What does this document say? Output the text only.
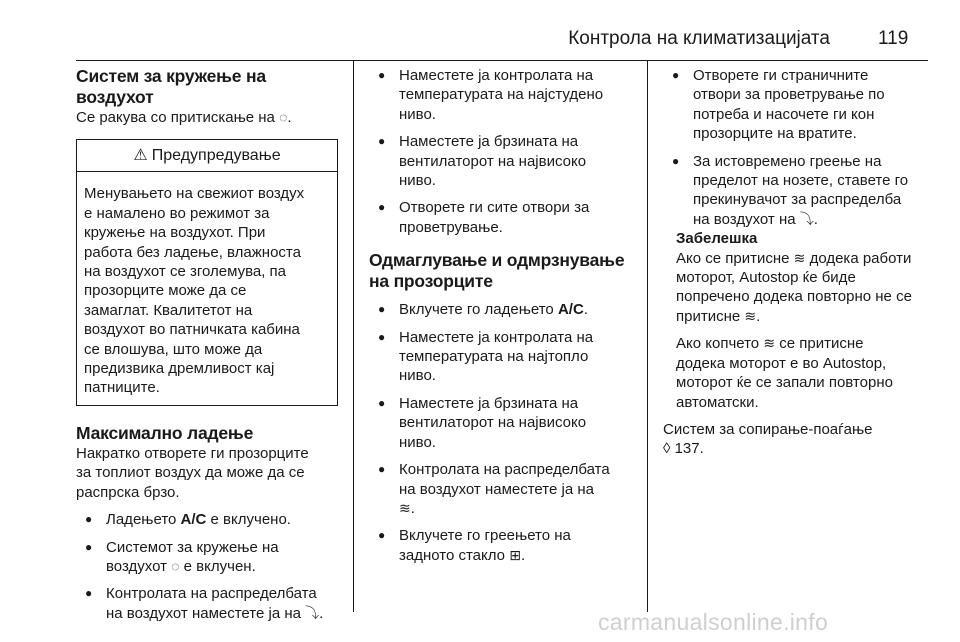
Контрола на климатизацијата	119
Систем за кружење на воздухот

Се ракува со притискање на ◌.

⚠ Предупредување
Менувањето на свежиот воздух
е намалено во режимот за
кружење на воздухот. При
работа без ладење, влажноста
на воздухот се зголемува, па
прозорците може да се
замаглат. Квалитетот на
воздухот во патничката кабина
се влошува, што може да
предизвика дремливост кај
патниците.
Максимално ладење

Накратко отворете ги прозорците
за топлиот воздух да може да се
распрска брзо.

● Ладењето A/C е вклучено.
● Системот за кружење на
воздухот ◌ е вклучен.
● Контролата на распределбата
на воздухот наместете ја на ⤵.
● Наместете ја контролата на
температурата на најстудено
ниво.
● Наместете ја брзината на
вентилаторот на највисоко
ниво.
● Отворете ги сите отвори за
проветрување.
Одмаглување и одмрзнување
на прозорците
● Вклучете го ладењето A/C.
● Наместете ја контролата на
температурата на најтопло
ниво.
● Наместете ја брзината на
вентилаторот на највисоко
ниво.
● Контролата на распределбата
на воздухот наместете ја на
≋.
● Вклучете го греењето на
задното стакло ⊞.
● Отворете ги страничните
отвори за проветрување по
потреба и насочете ги кон
прозорците на вратите.
● За истовремено греење на
пределот на нозете, ставете го
прекинувачот за распределба
на воздухот на ⤵.

Забелешка

Ако се притисне ≋ додека работи
моторот, Autostop ќе биде
попречено додека повторно не се
притисне ≋.

Ако копчето ≋ се притисне
додека моторот е во Autostop,
моторот ќе се запали повторно
автоматски.

Систем за сопирање-поаѓање
◊ 137.

carmanualsonline.info
